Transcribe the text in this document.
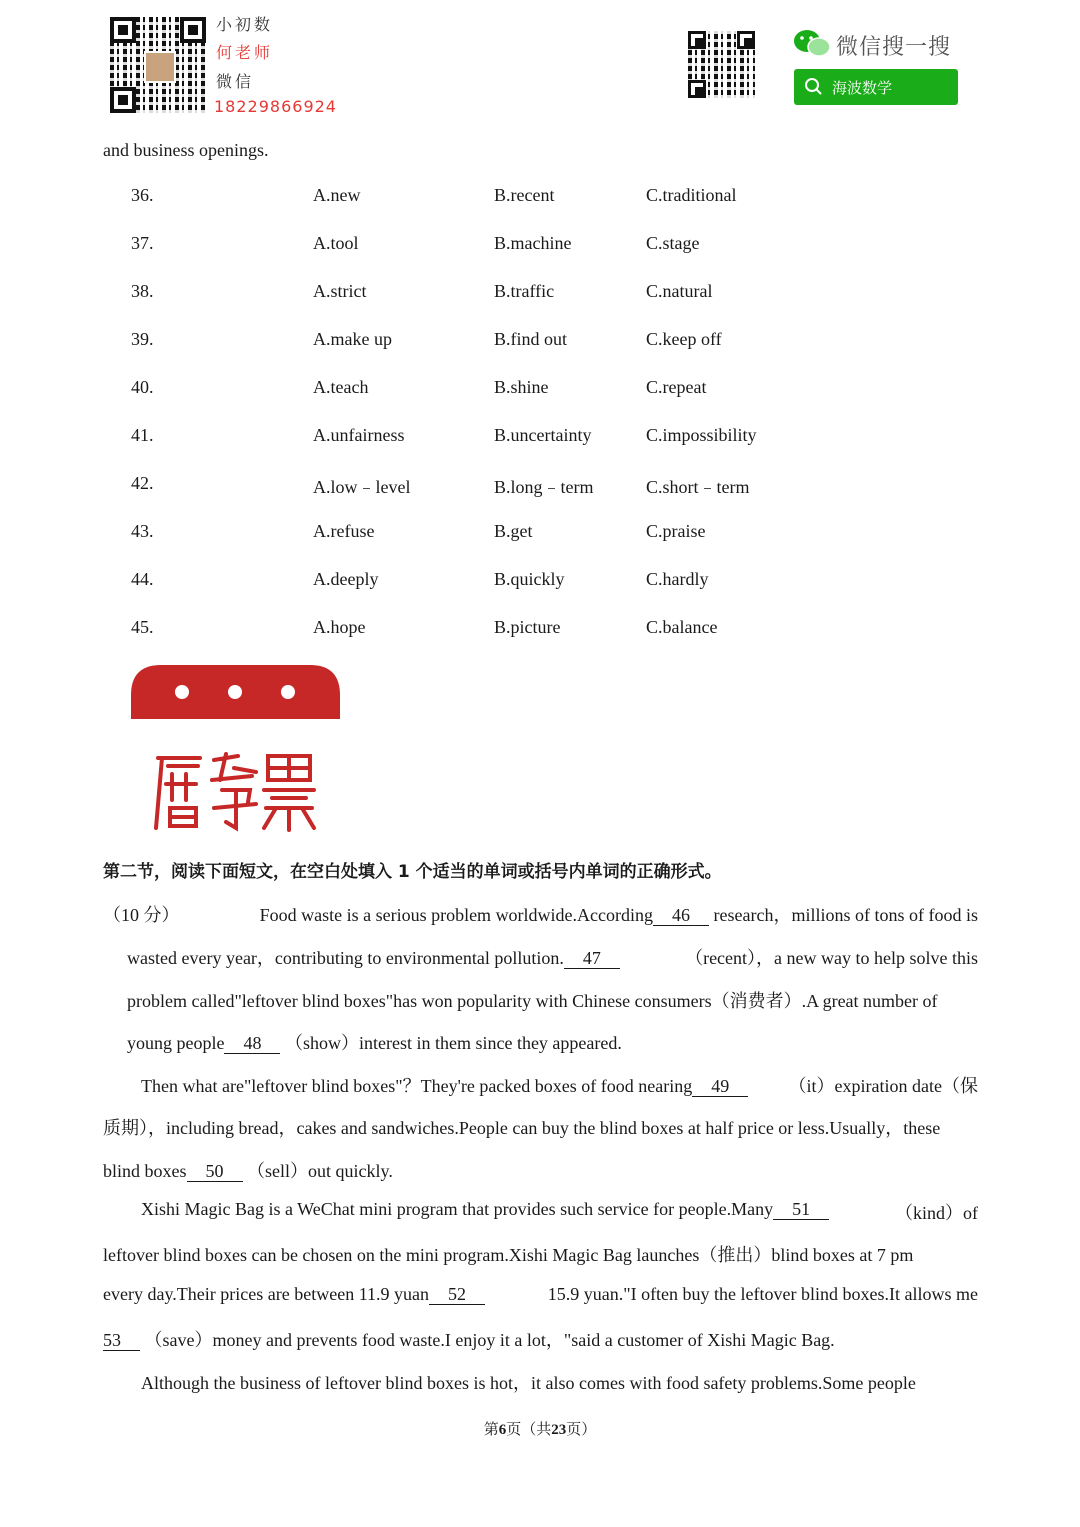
小初数
何老师
微信
18229866924
微信搜一搜
海波数学
and business openings.
36.	A.new	B.recent	C.traditional
37.	A.tool	B.machine	C.stage
38.	A.strict	B.traffic	C.natural
39.	A.make up	B.find out	C.keep off
40.	A.teach	B.shine	C.repeat
41.	A.unfairness	B.uncertainty	C.impossibility
42.	A.low﹣level	B.long﹣term	C.short﹣term
43.	A.refuse	B.get	C.praise
44.	A.deeply	B.quickly	C.hardly
45.	A.hope	B.picture	C.balance
第二节，阅读下面短文，在空白处填入 1 个适当的单词或括号内单词的正确形式。
（10 分）	Food waste is a serious problem worldwide.According 46 research，millions of tons of food is
wasted every year，contributing to environmental pollution. 47	（recent），a new way to help solve this
problem called"leftover blind boxes"has won popularity with Chinese consumers（消费者）.A great number of
young people 48 （show）interest in them since they appeared.
Then what are"leftover blind boxes"？They're packed boxes of food nearing 49	（it）expiration date（保
质期），including bread，cakes and sandwiches.People can buy the blind boxes at half price or less.Usually，these
blind boxes 50 （sell）out quickly.
Xishi Magic Bag is a WeChat mini program that provides such service for people.Many 51	（kind）of
leftover blind boxes can be chosen on the mini program.Xishi Magic Bag launches（推出）blind boxes at 7 pm
every day.Their prices are between 11.9 yuan 52	15.9 yuan."I often buy the leftover blind boxes.It allows me
53 （save）money and prevents food waste.I enjoy it a lot，"said a customer of Xishi Magic Bag.
Although the business of leftover blind boxes is hot，it also comes with food safety problems.Some people
第6页（共23页）
